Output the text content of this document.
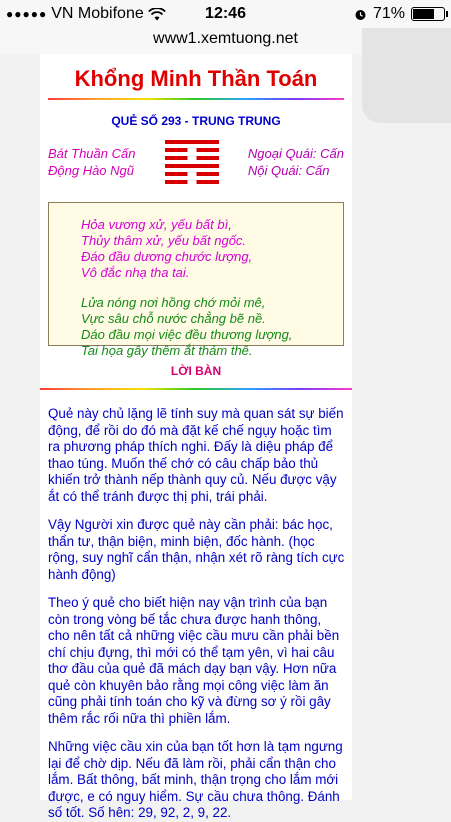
●●●●● VN Mobifone	12:46	71%
www1.xemtuong.net
Khổng Minh Thần Toán
QUẺ SỐ 293 - TRUNG TRUNG
Bát Thuần Cấn
Động Hào Ngũ
Ngoại Quái: Cấn
Nội Quái: Cấn
Hỏa vương xử, yếu bất bì,
Thủy thâm xử, yếu bất ngốc.
Đáo đầu dương chước lượng,
Vô đắc nhạ tha tai.
Lửa nóng nơi hồng chớ mỏi mê,
Vực sâu chỗ nước chẳng bẽ nề.
Dáo đầu mọi việc đều thương lượng,
Tai họa gây thêm ắt thảm thê.
LỜI BÀN

Quẻ này chủ lặng lẽ tính suy mà quan sát sự biến động, để rồi do đó mà đặt kế chế ngụy hoặc tìm ra phương pháp thích nghi. Đấy là diệu pháp để thao túng. Muốn thế chớ có câu chấp bảo thủ khiến trở thành nếp thành quy củ. Nếu được vậy ắt có thể tránh được thị phi, trái phải.

Vậy Người xin được quẻ này cần phải: bác học, thẩn tư, thận biện, minh biện, đốc hành. (học rộng, suy nghĩ cẩn thận, nhận xét rõ ràng tích cực hành động)

Theo ý quẻ cho biết hiện nay vận trình của bạn còn trong vòng bế tắc chưa được hanh thông, cho nên tất cả những việc cầu mưu cần phải bền chí chịu đựng, thì mới có thể tạm yên, vì hai câu thơ đầu của quẻ đã mách dạy bạn vậy. Hơn nữa quẻ còn khuyên bảo rằng mọi công việc làm ăn cũng phải tính toán cho kỹ và đừng sơ ý rồi gây thêm rắc rối nữa thì phiền lắm.

Những việc cầu xin của bạn tốt hơn là tạm ngưng lại để chờ dịp. Nếu đã làm rồi, phải cẩn thận cho lắm. Bất thông, bất minh, thận trọng cho lắm mới được, e có nguy hiểm. Sự cầu chưa thông. Đánh số tốt. Số hên: 29, 92, 2, 9, 22.
